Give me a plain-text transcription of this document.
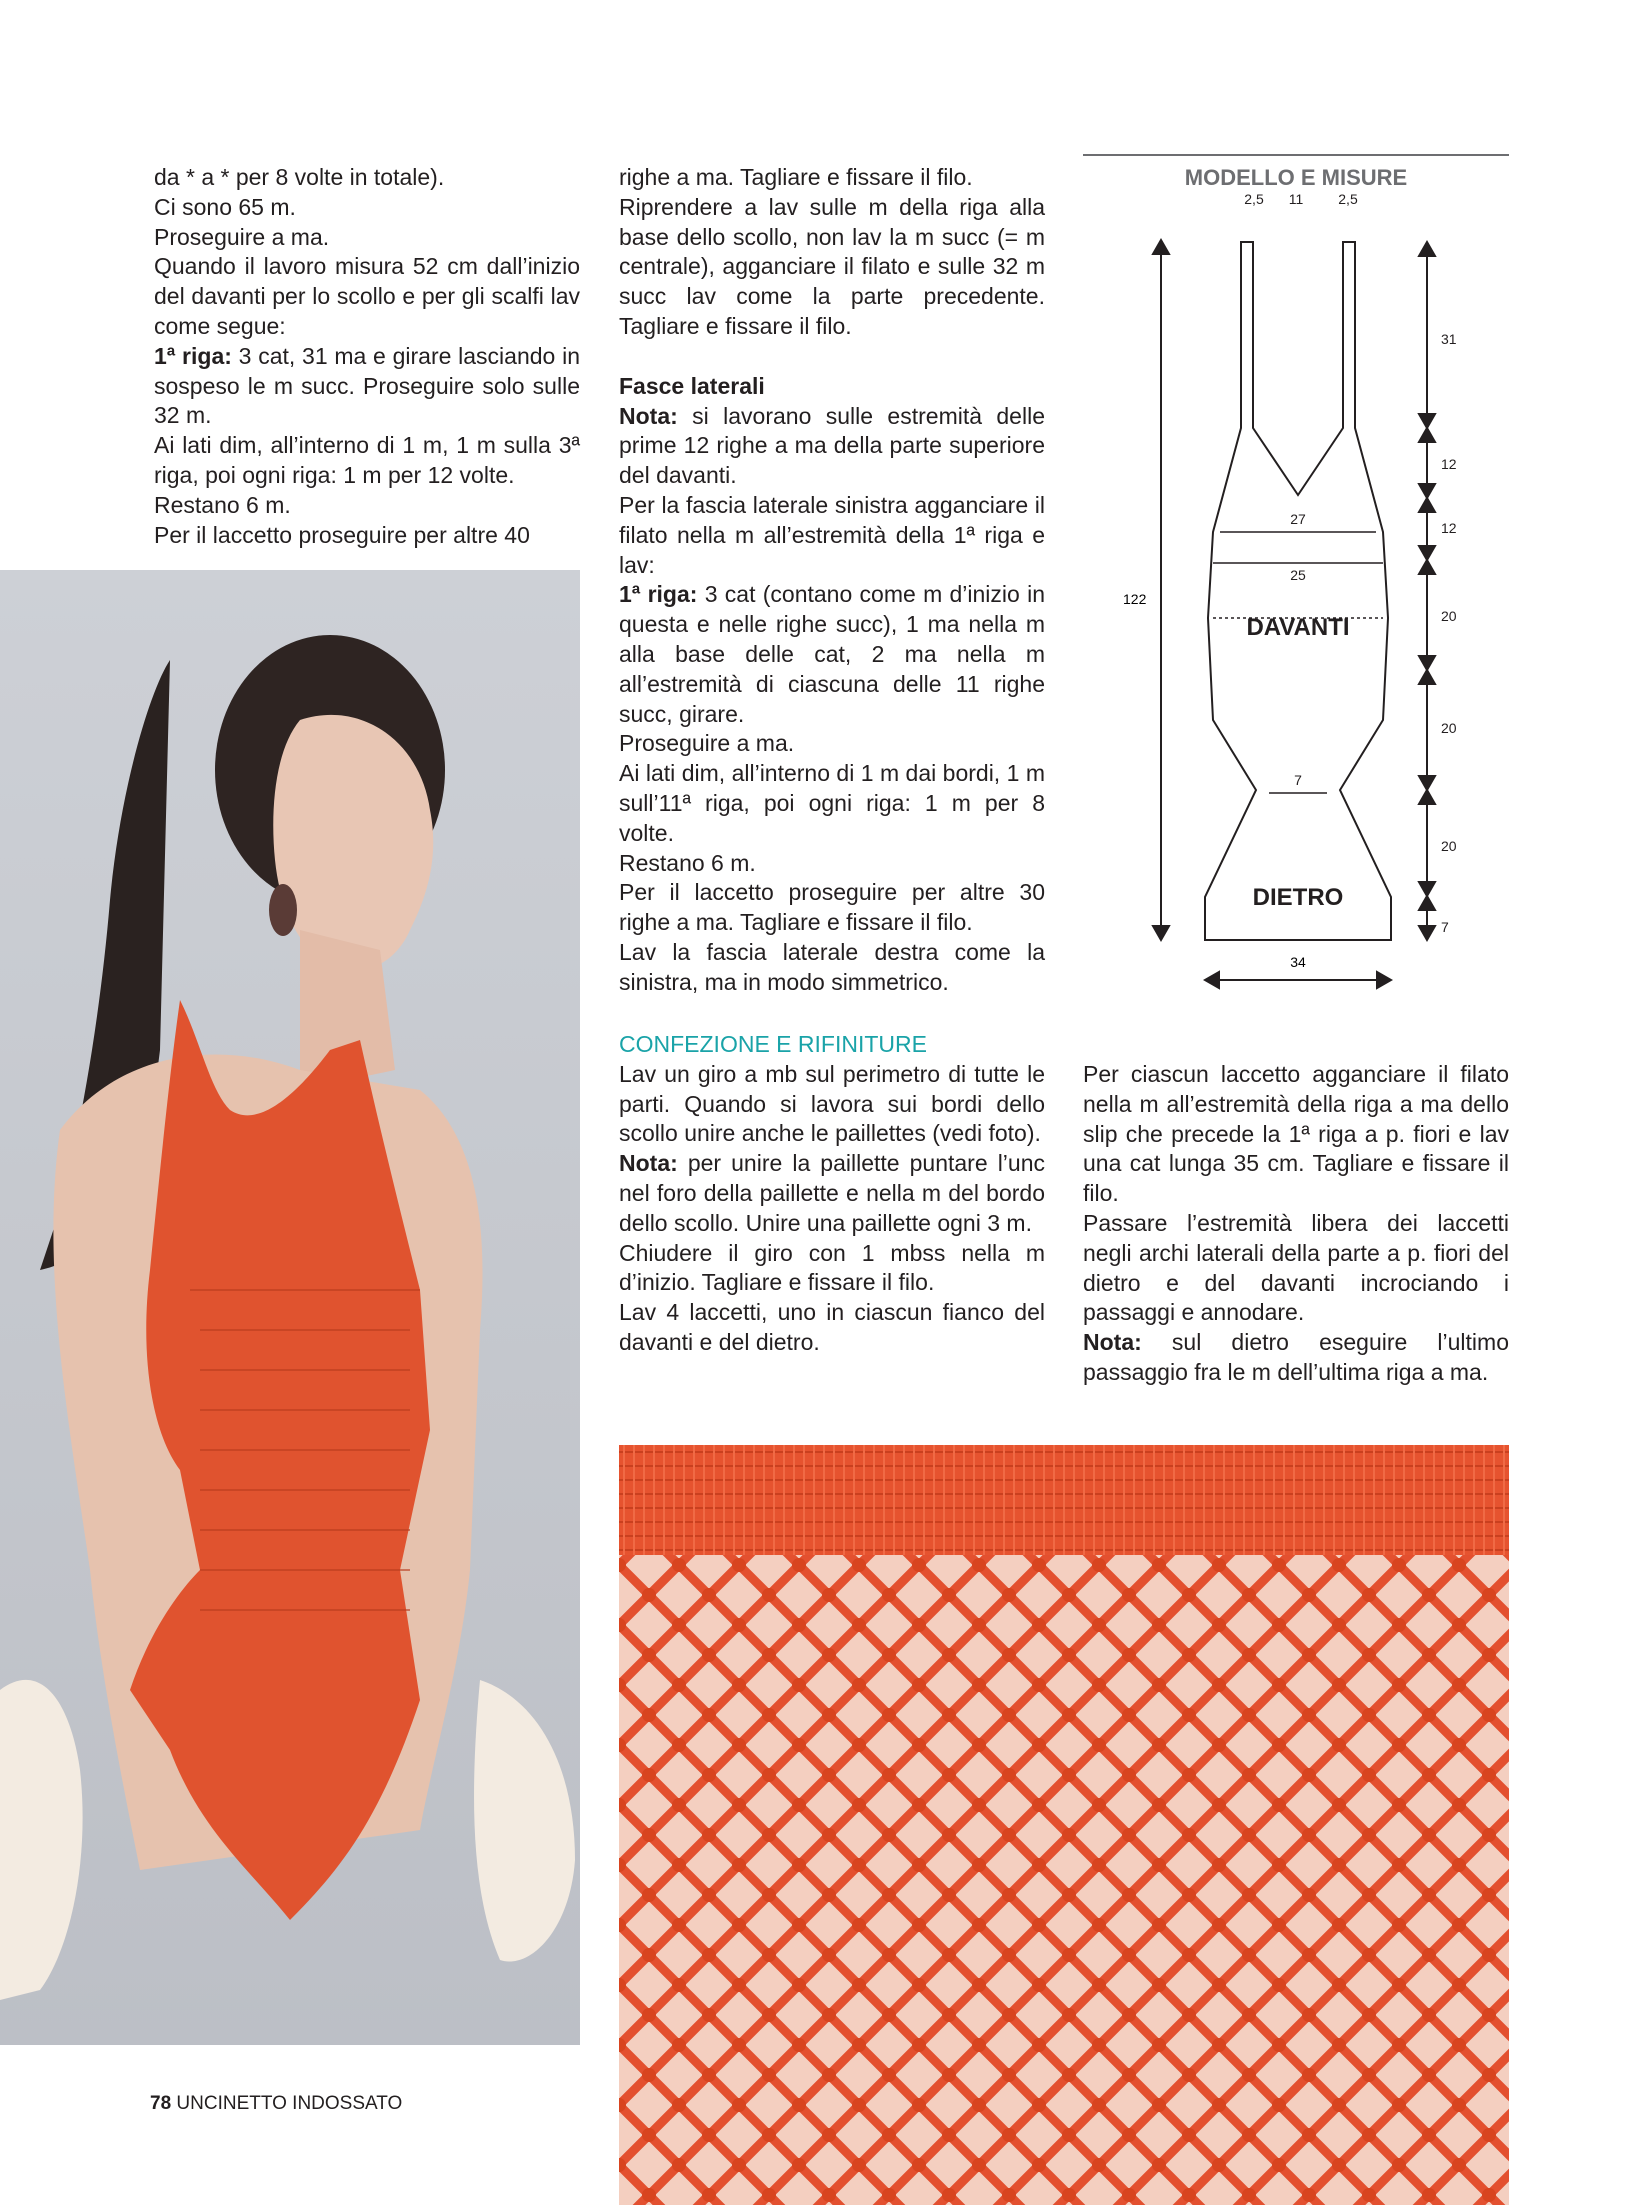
da * a * per 8 volte in totale).

Ci sono 65 m.

Proseguire a ma.

Quando il lavoro misura 52 cm dall’inizio del davanti per lo scollo e per gli scalfi lav come segue:

1ª riga: 3 cat, 31 ma e girare lasciando in sospeso le m succ. Proseguire solo sulle 32 m.

Ai lati dim, all’interno di 1 m, 1 m sulla 3ª riga, poi ogni riga: 1 m per 12 volte.

Restano 6 m.

Per il laccetto proseguire per altre 40

righe a ma. Tagliare e fissare il filo.

Riprendere a lav sulle m della riga alla base dello scollo, non lav la m succ (= m centrale), agganciare il filato e sulle 32 m succ lav come la parte precedente. Tagliare e fissare il filo.

Fasce laterali

Nota: si lavorano sulle estremità delle prime 12 righe a ma della parte superiore del davanti.

Per la fascia laterale sinistra agganciare il filato nella m all’estremità della 1ª riga e lav:

1ª riga: 3 cat (contano come m d’inizio in questa e nelle righe succ), 1 ma nella m alla base delle cat, 2 ma nella m all’estremità di ciascuna delle 11 righe succ, girare.

Proseguire a ma.

Ai lati dim, all’interno di 1 m dai bordi, 1 m sull’11ª riga, poi ogni riga: 1 m per 8 volte.

Restano 6 m.

Per il laccetto proseguire per altre 30 righe a ma. Tagliare e fissare il filo.

Lav la fascia laterale destra come la sinistra, ma in modo simmetrico.

CONFEZIONE E RIFINITURE

Lav un giro a mb sul perimetro di tutte le parti. Quando si lavora sui bordi dello scollo unire anche le paillettes (vedi foto).

Nota: per unire la paillette puntare l’unc nel foro della paillette e nella m del bordo dello scollo. Unire una paillette ogni 3 m.

Chiudere il giro con 1 mbss nella m d’inizio. Tagliare e fissare il filo.

Lav 4 laccetti, uno in ciascun fianco del davanti e del dietro.

Per ciascun laccetto agganciare il filato nella m all’estremità della riga a ma dello slip che precede la 1ª riga a p. fiori e lav una cat lunga 35 cm. Tagliare e fissare il filo.

Passare l’estremità libera dei laccetti negli archi laterali della parte a p. fiori del dietro e del davanti incrociando i passaggi e annodare.

Nota: sul dietro eseguire l’ultimo passaggio fra le m dell’ultima riga a ma.

MODELLO E MISURE
2,5 11 2,5
122
31
12
12
20
20
20
7
27
25
7
DAVANTI
DIETRO
34
78 UNCINETTO INDOSSATO
